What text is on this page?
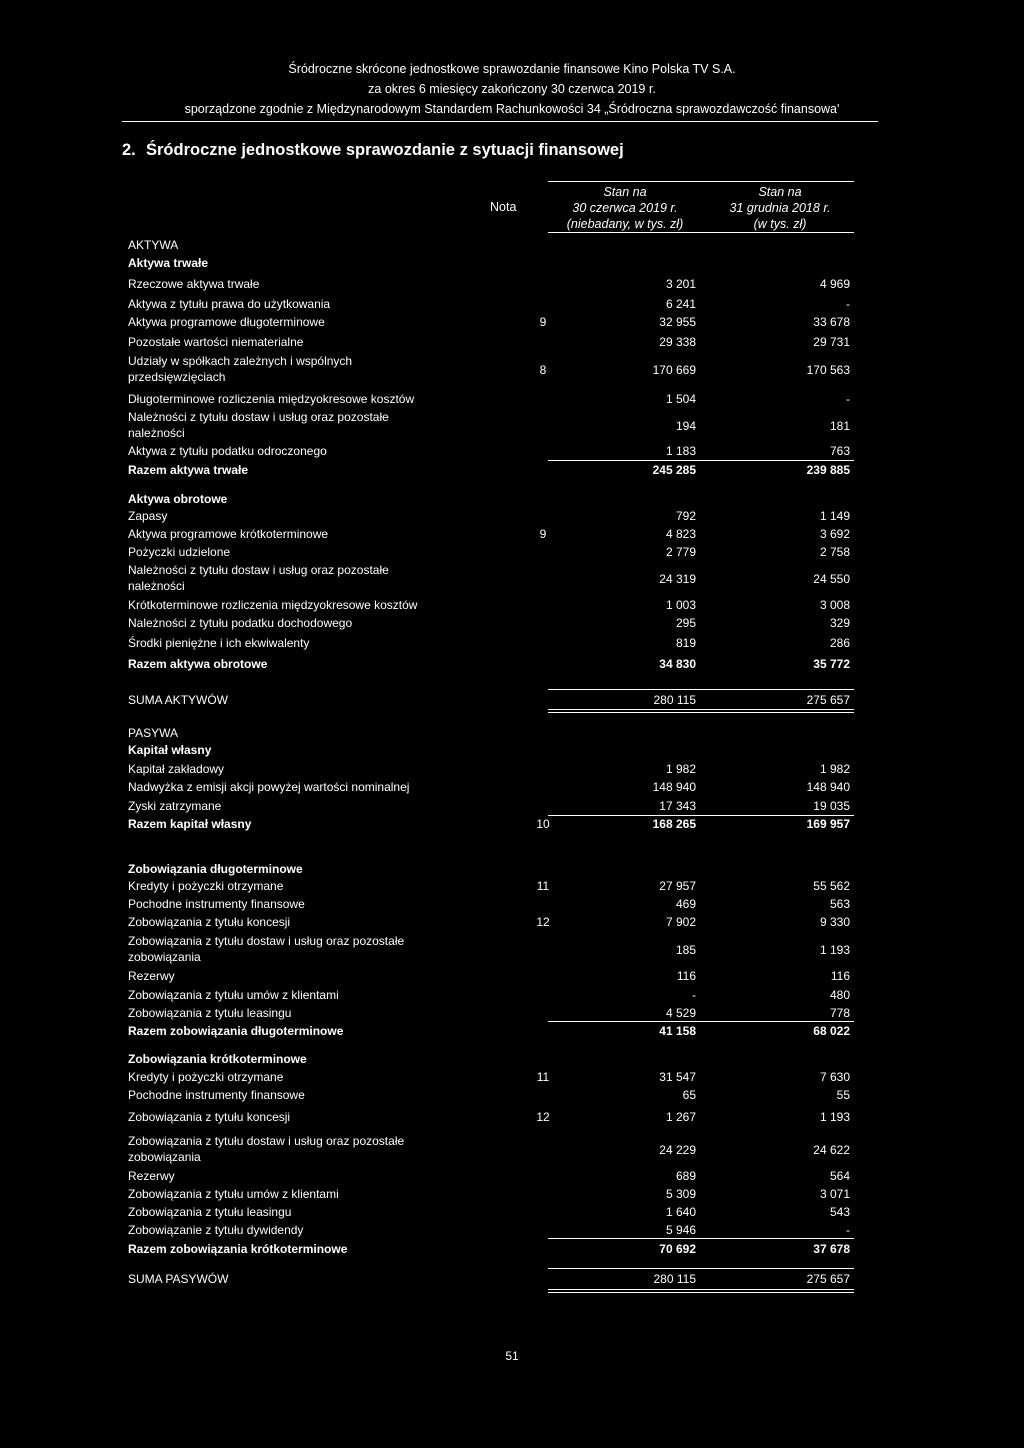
Śródroczne skrócone jednostkowe sprawozdanie finansowe Kino Polska TV S.A.
za okres 6 miesięcy zakończony 30 czerwca 2019 r.
sporządzone zgodnie z Międzynarodowym Standardem Rachunkowości 34 „Śródroczna sprawozdawczość finansowa'
2. Śródroczne jednostkowe sprawozdanie z sytuacji finansowej
Nota
Stan na
30 czerwca 2019 r.
(niebadany, w tys. zł)
Stan na
31 grudnia 2018 r.
(w tys. zł)
AKTYWA
Aktywa trwałe
Rzeczowe aktywa trwałe	3 201	4 969
Aktywa z tytułu prawa do użytkowania	6 241	-
Aktywa programowe długoterminowe	9	32 955	33 678
Pozostałe wartości niematerialne	29 338	29 731
Udziały w spółkach zależnych i wspólnych przedsięwzięciach	8	170 669	170 563
Długoterminowe rozliczenia międzyokresowe kosztów	1 504	-
Należności z tytułu dostaw i usług oraz pozostałe należności	194	181
Aktywa z tytułu podatku odroczonego	1 183	763
Razem aktywa trwałe	245 285	239 885
Aktywa obrotowe
Zapasy	792	1 149
Aktywa programowe krótkoterminowe	9	4 823	3 692
Pożyczki udzielone	2 779	2 758
Należności z tytułu dostaw i usług oraz pozostałe należności	24 319	24 550
Krótkoterminowe rozliczenia międzyokresowe kosztów	1 003	3 008
Należności z tytułu podatku dochodowego	295	329
Środki pieniężne i ich ekwiwalenty	819	286
Razem aktywa obrotowe	34 830	35 772
SUMA AKTYWÓW	280 115	275 657
PASYWA
Kapitał własny
Kapitał zakładowy	1 982	1 982
Nadwyżka z emisji akcji powyżej wartości nominalnej	148 940	148 940
Zyski zatrzymane	17 343	19 035
Razem kapitał własny	10	168 265	169 957
Zobowiązania długoterminowe
Kredyty i pożyczki otrzymane	11	27 957	55 562
Pochodne instrumenty finansowe	469	563
Zobowiązania z tytułu koncesji	12	7 902	9 330
Zobowiązania z tytułu dostaw i usług oraz pozostałe zobowiązania	185	1 193
Rezerwy	116	116
Zobowiązania z tytułu umów z klientami	-	480
Zobowiązania z tytułu leasingu	4 529	778
Razem zobowiązania długoterminowe	41 158	68 022
Zobowiązania krótkoterminowe
Kredyty i pożyczki otrzymane	11	31 547	7 630
Pochodne instrumenty finansowe	65	55
Zobowiązania z tytułu koncesji	12	1 267	1 193
Zobowiązania z tytułu dostaw i usług oraz pozostałe zobowiązania	24 229	24 622
Rezerwy	689	564
Zobowiązania z tytułu umów z klientami	5 309	3 071
Zobowiązania z tytułu leasingu	1 640	543
Zobowiązanie z tytułu dywidendy	5 946	-
Razem zobowiązania krótkoterminowe	70 692	37 678
SUMA PASYWÓW	280 115	275 657
51
